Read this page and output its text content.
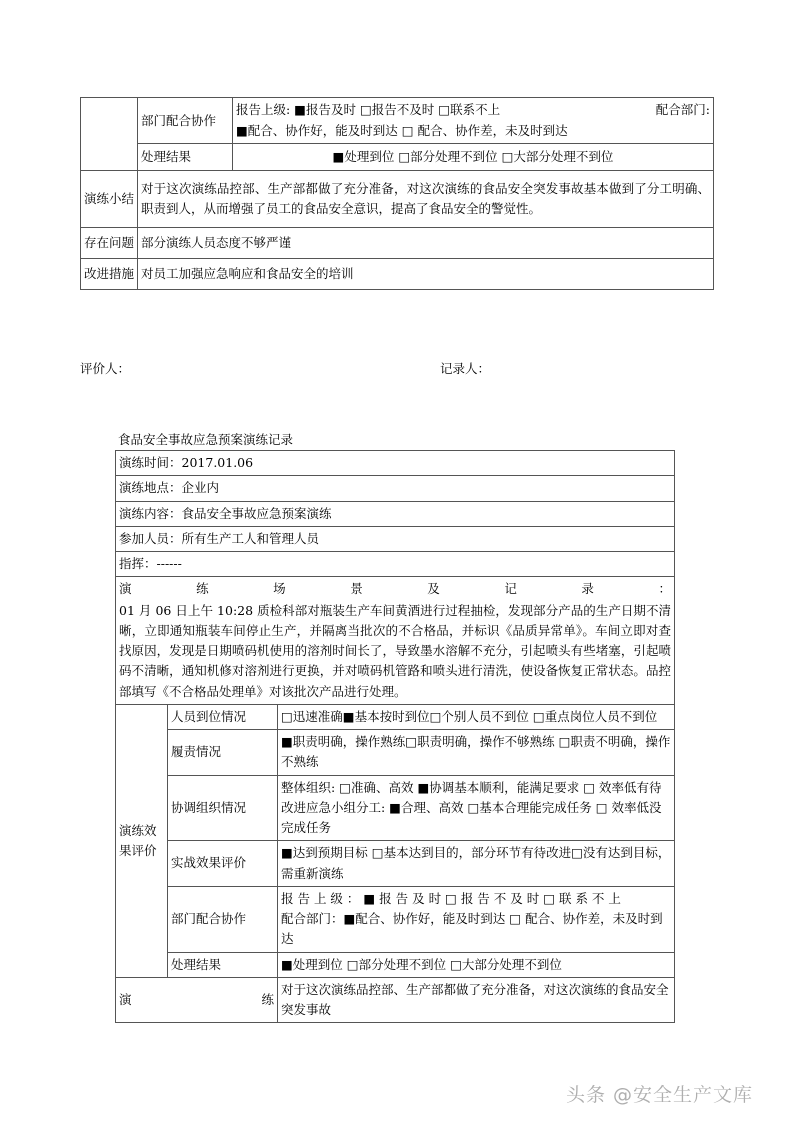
	部门配合协作	报告上级: ■报告及时 □报告不及时 □联系不上 配合部门:
■配合、协作好，能及时到达 □ 配合、协作差，未及时到达

	处理结果	■处理到位 □部分处理不到位 □大部分处理不到位
演练小结	对于这次演练品控部、生产部都做了充分准备，对这次演练的食品安全突发事故基本做到了分工明确、职责到人，从而增强了员工的食品安全意识，提高了食品安全的警觉性。	
存在问题	部分演练人员态度不够严谨	
改进措施	对员工加强应急响应和食品安全的培训	
评价人：	记录人：
食品安全事故应急预案演练记录
演练时间：2017.01.06		
演练地点：企业内		
演练内容：食品安全事故应急预案演练		
参加人员：所有生产工人和管理人员		
指挥：------		

演	练	场	景	及	记	录	：
01 月 06 日上午 10:28 质检科部对瓶装生产车间黄酒进行过程抽检，发现部分产品的生产日期不清晰，立即通知瓶装车间停止生产，并隔离当批次的不合格品，并标识《品质异常单》。车间立即对查找原因，发现是日期喷码机使用的溶剂时间长了，导致墨水溶解不充分，引起喷头有些堵塞，引起喷码不清晰，通知机修对溶剂进行更换，并对喷码机管路和喷头进行清洗，使设备恢复正常状态。品控部填写《不合格品处理单》对该批次产品进行处理。

演练效果评价	人员到位情况	□迅速准确■基本按时到位□个别人员不到位 □重点岗位人员不到位
	履责情况	■职责明确，操作熟练□职责明确，操作不够熟练 □职责不明确，操作不熟练
	协调组织情况	整体组织: □准确、高效 ■协调基本顺利，能满足要求 □ 效率低有待改进应急小组分工: ■合理、高效 □基本合理能完成任务 □ 效率低没完成任务
	实战效果评价	■达到预期目标 □基本达到目的，部分环节有待改进□没有达到目标，需重新演练
	部门配合协作	报 告 上 级 ： ■ 报 告 及 时 □ 报 告 不 及 时 □ 联 系 不 上
配合部门：■配合、协作好，能及时到达 □ 配合、协作差，未及时到达

	处理结果	■处理到位 □部分处理不到位 □大部分处理不到位

演 练		对于这次演练品控部、生产部都做了充分准备，对这次演练的食品安全突发事故
头条 @安全生产文库
